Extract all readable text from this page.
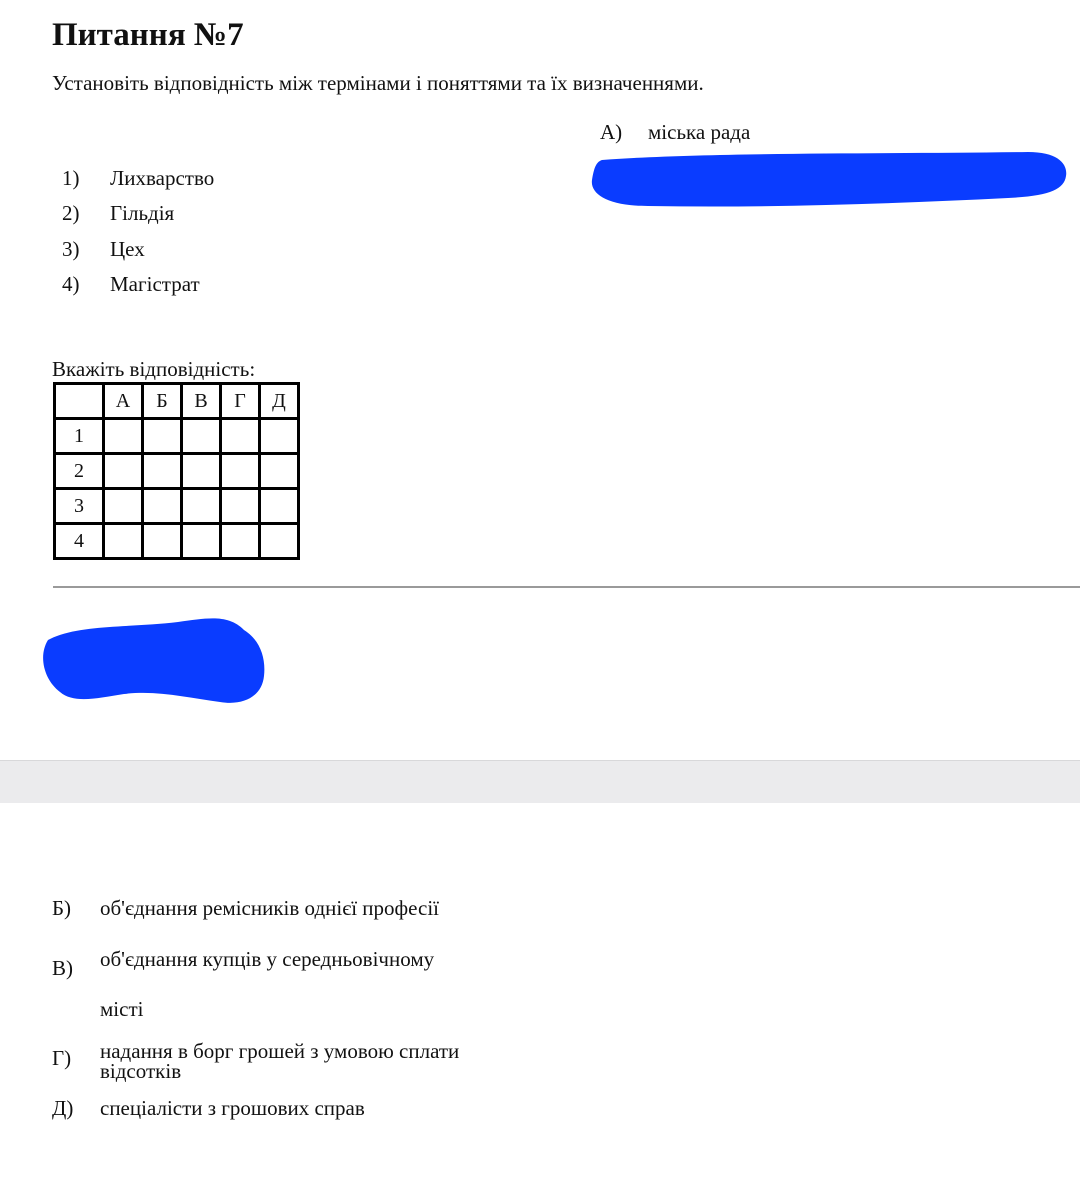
Питання №7
Установіть відповідність між термінами і поняттями та їх визначеннями.
А) міська рада
1) Лихварство
2) Гільдія
3) Цех
4) Магістрат
Вкажіть відповідність:
	А	Б	В	Г	Д
1					
2					
3					
4					
Б) об'єднання ремісників однієї професії
В)	об'єднання купців у середньовічному
місті
Г)	надання в борг грошей з умовою сплати
відсотків
Д) спеціалісти з грошових справ
